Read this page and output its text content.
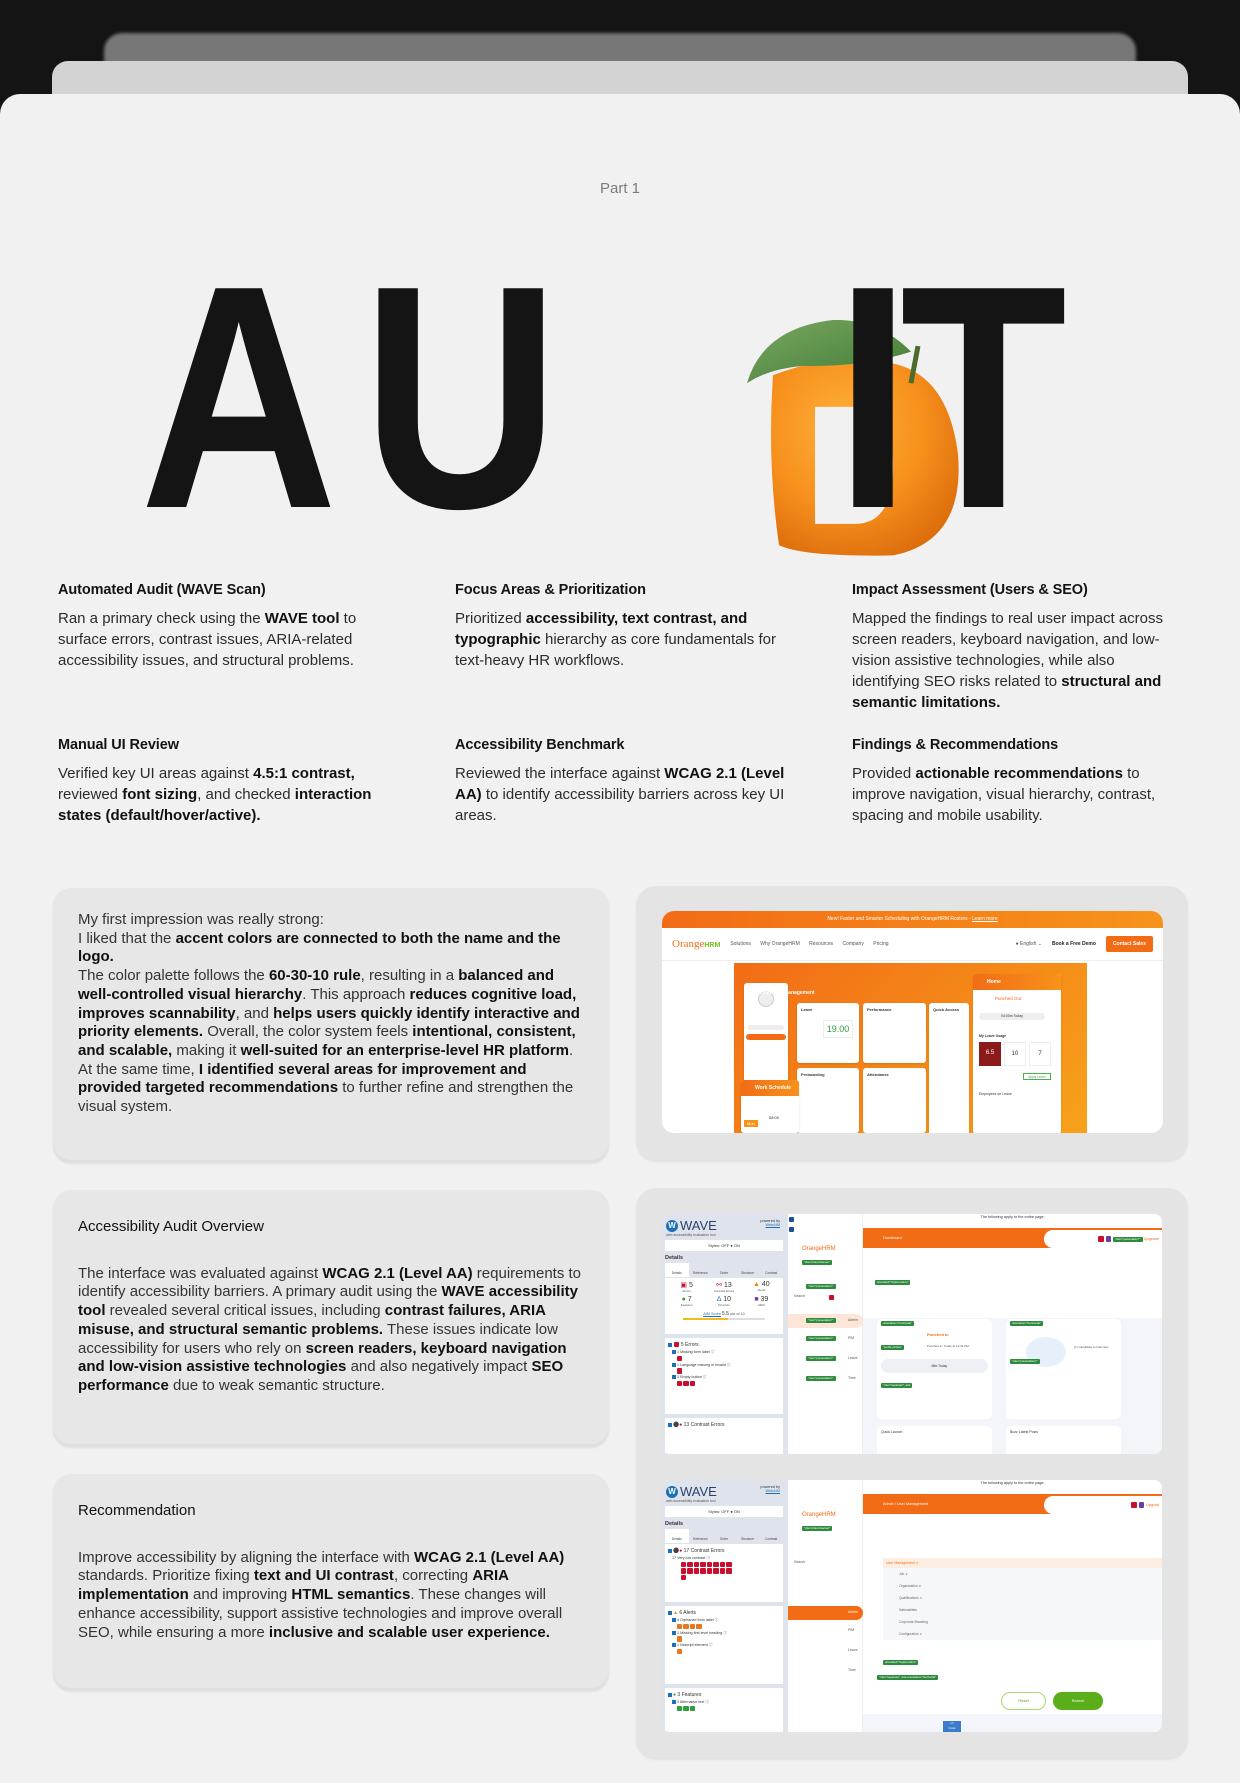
Part 1
A U I
T
Automated Audit (WAVE Scan)

Ran a primary check using the WAVE tool to surface errors, contrast issues, ARIA-related accessibility issues, and structural problems.

Focus Areas & Prioritization

Prioritized accessibility, text contrast, and typographic hierarchy as core fundamentals for text-heavy HR workflows.

Impact Assessment (Users & SEO)

Mapped the findings to real user impact across screen readers, keyboard navigation, and low-vision assistive technologies, while also identifying SEO risks related to structural and semantic limitations.

Manual UI Review

Verified key UI areas against 4.5:1 contrast, reviewed font sizing, and checked interaction states (default/hover/active).

Accessibility Benchmark

Reviewed the interface against WCAG 2.1 (Level AA) to identify accessibility barriers across key UI areas.

Findings & Recommendations

Provided actionable recommendations to improve navigation, visual hierarchy, contrast, spacing and mobile usability.

My first impression was really strong:
I liked that the accent colors are connected to both the name and the logo.
The color palette follows the 60-30-10 rule, resulting in a balanced and well-controlled visual hierarchy. This approach reduces cognitive load, improves scannability, and helps users quickly identify interactive and priority elements. Overall, the color system feels intentional, consistent, and scalable, making it well-suited for an enterprise-level HR platform.
At the same time, I identified several areas for improvement and provided targeted recommendations to further refine and strengthen the visual system.
New! Faster and Smarter Scheduling with OrangeHRM Rosters - Learn more
OrangeHRM Solutions Why OrangeHRM Resources Company Pricing	● English ⌄ Book a Free Demo	Contact Sales
Employee Management
Leave
19.00
Performance	Quick Access
Preboarding	Attendance
Work Schedule
Mon
08:00
Home
Punched Out
04:00m Today
My Leave Usage
6.5	10	7
Apply Leave
Employees on Leave
Accessibility Audit Overview
The interface was evaluated against WCAG 2.1 (Level AA) requirements to identify accessibility barriers. A primary audit using the WAVE accessibility tool revealed several critical issues, including contrast failures, ARIA misuse, and structural semantic problems. These issues indicate low accessibility for users who rely on screen readers, keyboard navigation and low-vision assistive technologies and also negatively impact SEO performance due to weak semantic structure.
Recommendation
Improve accessibility by aligning the interface with WCAG 2.1 (Level AA) standards. Prioritize fixing text and UI contrast, correcting ARIA implementation and improving HTML semantics. These changes will enhance accessibility, support assistive technologies and improve overall SEO, while ensuring a more inclusive and scalable user experience.
W WAVE
web accessibility evaluation tool
powered by
WebAIM
Styles: OFF ● ON
Details
Details	Reference	Order	Structure	Contrast
▣ 5
Errors
⚯ 13
Contrast Errors
▲ 40
Alerts
● 7
Features
∆ 10
Structure
■ 39
ARIA
AIM Score 5.5 out of 10
5 Errors
1 Missing form label ⓘ
1 Language missing or invalid ⓘ
3 Empty button ⓘ
⚫● 13 Contrast Errors
OrangeHRM
"client brand banner"
"role="presentation""
Search
"role="presentation""	Admin
"role="presentation""	PIM
"role="presentation""	Leave
"role="presentation""	Time
The following apply to the entire page:
Dashboard	"role="presentation"" Upgrade
aria-label="Topbar Menu"
orientation="horizontal"
Punched In
Punched In: Today at 12:31 PM
"profile picture"
48m Today
"role="separator", aria
orientation="horizontal"
(1) Candidate to Interview
"role="presentation""
Quick Launch	Buzz Latest Posts
W WAVE
web accessibility evaluation tool
powered by
WebAIM
Styles: OFF ● ON
Details
Details	Reference	Order	Structure	Contrast
⚫● 17 Contrast Errors
17 Very low contrast ⓘ

▲ 6 Alerts
4 Orphaned form label ⓘ
1 Missing first level heading ⓘ
1 Noscript element ⓘ
● 3 Features
3 Alternative text ⓘ
OrangeHRM
"client brand banner"
Search
Admin
PIM
Leave
Time
The following apply to the entire page:
Admin / User Management	Upgrad
User Management ∨
Job ∨
Organization ∨
Qualifications ∨
Nationalities
Corporate Branding
Configuration ∨
aria-label="Topbar Menu"
"role="separator", aria-orientation="horizontal"
Reset	Search
</>
Code
